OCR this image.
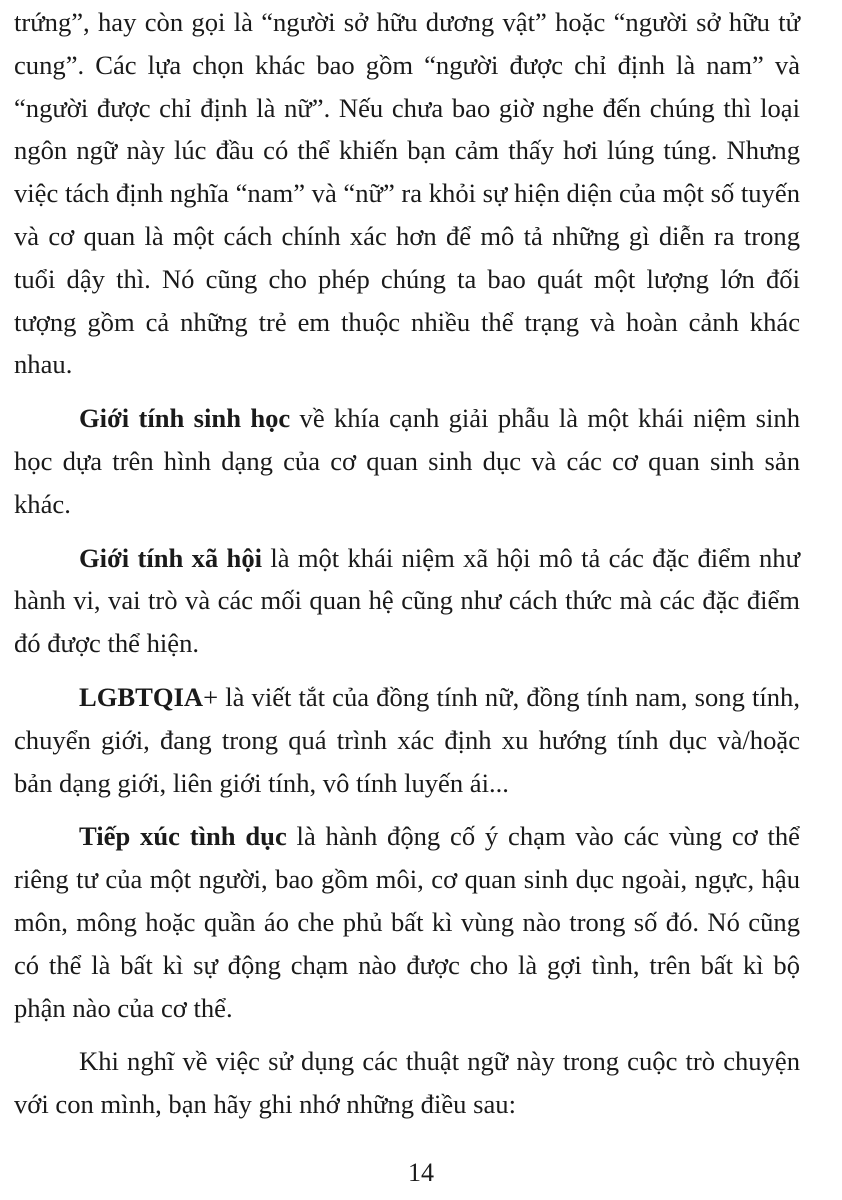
trứng”, hay còn gọi là “người sở hữu dương vật” hoặc “người sở hữu tử cung”. Các lựa chọn khác bao gồm “người được chỉ định là nam” và “người được chỉ định là nữ”. Nếu chưa bao giờ nghe đến chúng thì loại ngôn ngữ này lúc đầu có thể khiến bạn cảm thấy hơi lúng túng. Nhưng việc tách định nghĩa “nam” và “nữ” ra khỏi sự hiện diện của một số tuyến và cơ quan là một cách chính xác hơn để mô tả những gì diễn ra trong tuổi dậy thì. Nó cũng cho phép chúng ta bao quát một lượng lớn đối tượng gồm cả những trẻ em thuộc nhiều thể trạng và hoàn cảnh khác nhau.

Giới tính sinh học về khía cạnh giải phẫu là một khái niệm sinh học dựa trên hình dạng của cơ quan sinh dục và các cơ quan sinh sản khác.

Giới tính xã hội là một khái niệm xã hội mô tả các đặc điểm như hành vi, vai trò và các mối quan hệ cũng như cách thức mà các đặc điểm đó được thể hiện.

LGBTQIA+ là viết tắt của đồng tính nữ, đồng tính nam, song tính, chuyển giới, đang trong quá trình xác định xu hướng tính dục và/hoặc bản dạng giới, liên giới tính, vô tính luyến ái...

Tiếp xúc tình dục là hành động cố ý chạm vào các vùng cơ thể riêng tư của một người, bao gồm môi, cơ quan sinh dục ngoài, ngực, hậu môn, mông hoặc quần áo che phủ bất kì vùng nào trong số đó. Nó cũng có thể là bất kì sự động chạm nào được cho là gợi tình, trên bất kì bộ phận nào của cơ thể.

Khi nghĩ về việc sử dụng các thuật ngữ này trong cuộc trò chuyện với con mình, bạn hãy ghi nhớ những điều sau:

14
